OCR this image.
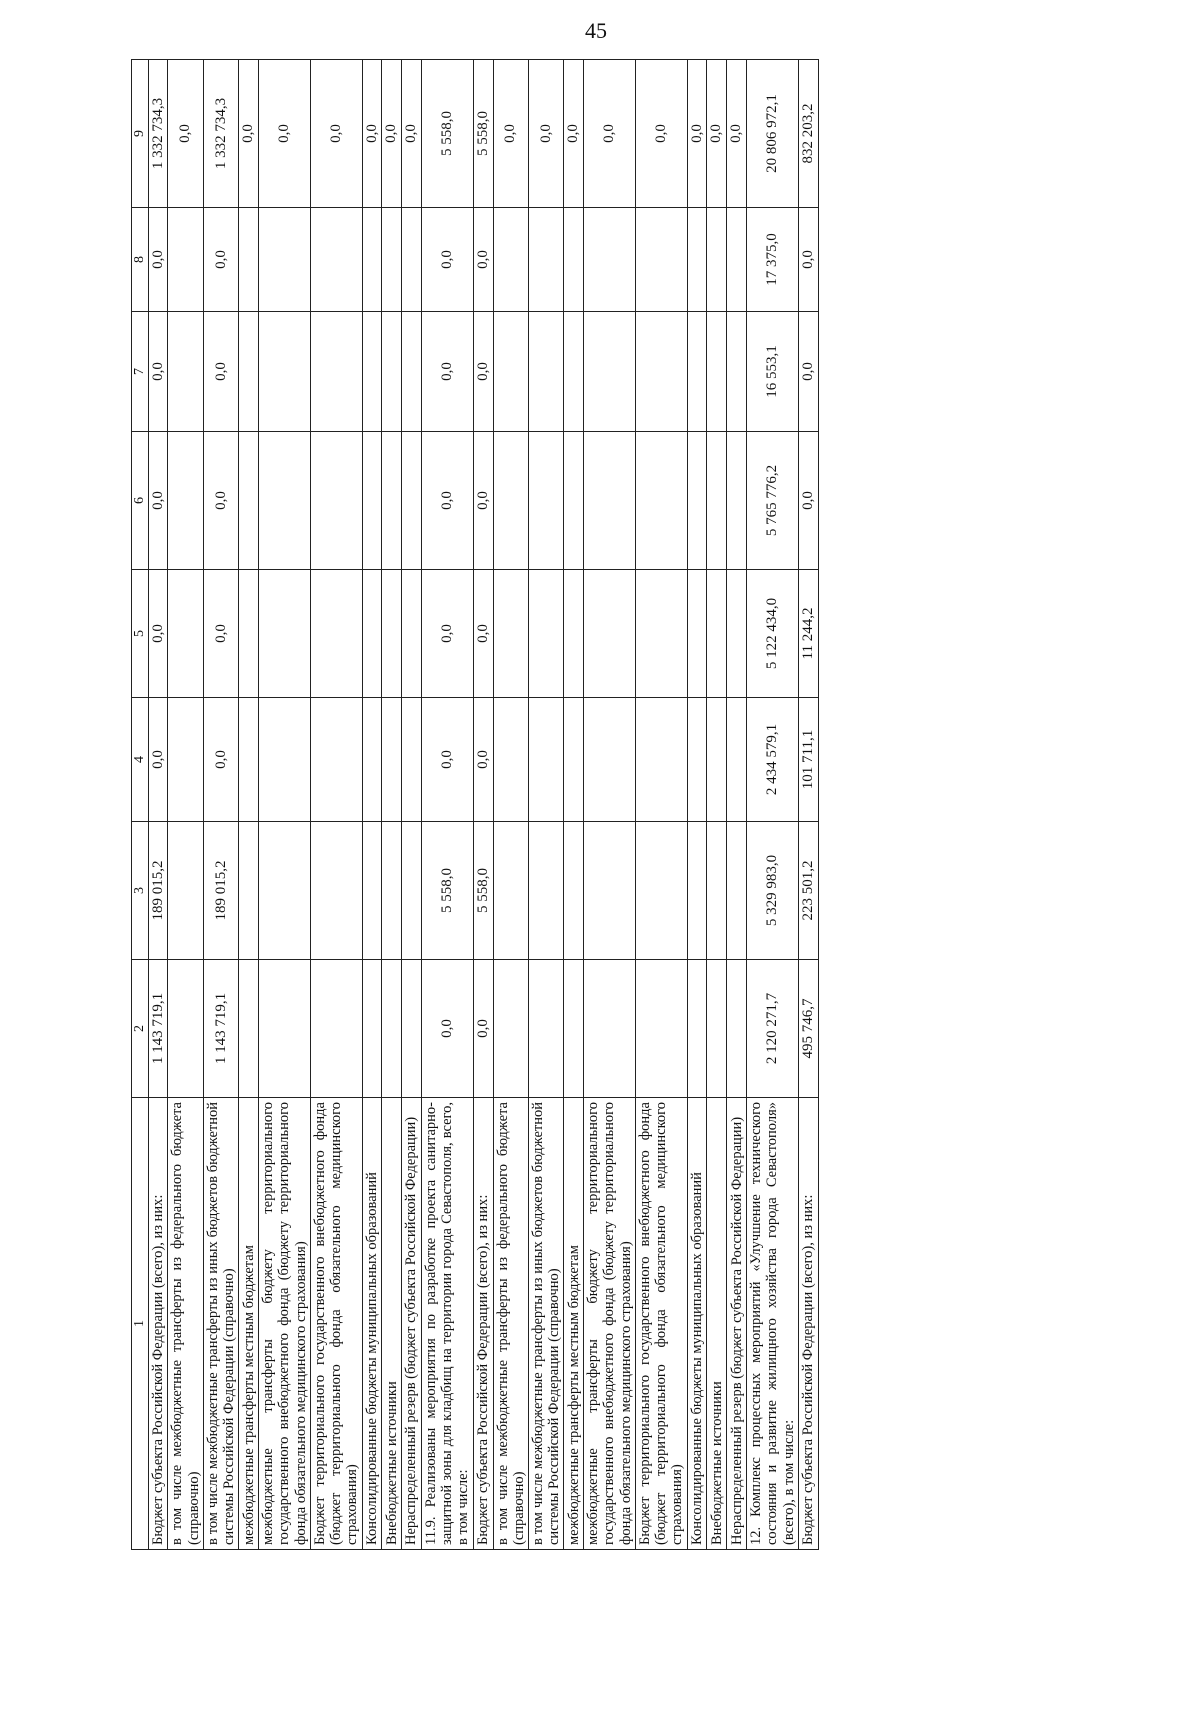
45
1	2	3	4	5	6	7	8	9
Бюджет субъекта Российской Федерации (всего), из них:	1 143 719,1	189 015,2	0,0	0,0	0,0	0,0	0,0	1 332 734,3
в том числе межбюджетные трансферты из федерального бюджета (справочно)								0,0
в том числе межбюджетные трансферты из иных бюджетов бюджетной системы Российской Федерации (справочно)	1 143 719,1	189 015,2	0,0	0,0	0,0	0,0	0,0	1 332 734,3
межбюджетные трансферты местным бюджетам								0,0
межбюджетные трансферты бюджету территориального государственного внебюджетного фонда (бюджету территориального фонда обязательного медицинского страхования)								0,0
Бюджет территориального государственного внебюджетного фонда (бюджет территориального фонда обязательного медицинского страхования)								0,0
Консолидированные бюджеты муниципальных образований								0,0
Внебюджетные источники								0,0
Нераспределенный резерв (бюджет субъекта Российской Федерации)								0,0
11.9. Реализованы мероприятия по разработке проекта санитарно-защитной зоны для кладбищ на территории города Севастополя, всего, в том числе:	0,0	5 558,0	0,0	0,0	0,0	0,0	0,0	5 558,0
Бюджет субъекта Российской Федерации (всего), из них:	0,0	5 558,0	0,0	0,0	0,0	0,0	0,0	5 558,0
в том числе межбюджетные трансферты из федерального бюджета (справочно)								0,0
в том числе межбюджетные трансферты из иных бюджетов бюджетной системы Российской Федерации (справочно)								0,0
межбюджетные трансферты местным бюджетам								0,0
межбюджетные трансферты бюджету территориального государственного внебюджетного фонда (бюджету территориального фонда обязательного медицинского страхования)								0,0
Бюджет территориального государственного внебюджетного фонда (бюджет территориального фонда обязательного медицинского страхования)								0,0
Консолидированные бюджеты муниципальных образований								0,0
Внебюджетные источники								0,0
Нераспределенный резерв (бюджет субъекта Российской Федерации)								0,0
12. Комплекс процессных мероприятий «Улучшение технического состояния и развитие жилищного хозяйства города Севастополя» (всего), в том числе:	2 120 271,7	5 329 983,0	2 434 579,1	5 122 434,0	5 765 776,2	16 553,1	17 375,0	20 806 972,1
Бюджет субъекта Российской Федерации (всего), из них:	495 746,7	223 501,2	101 711,1	11 244,2	0,0	0,0	0,0	832 203,2
